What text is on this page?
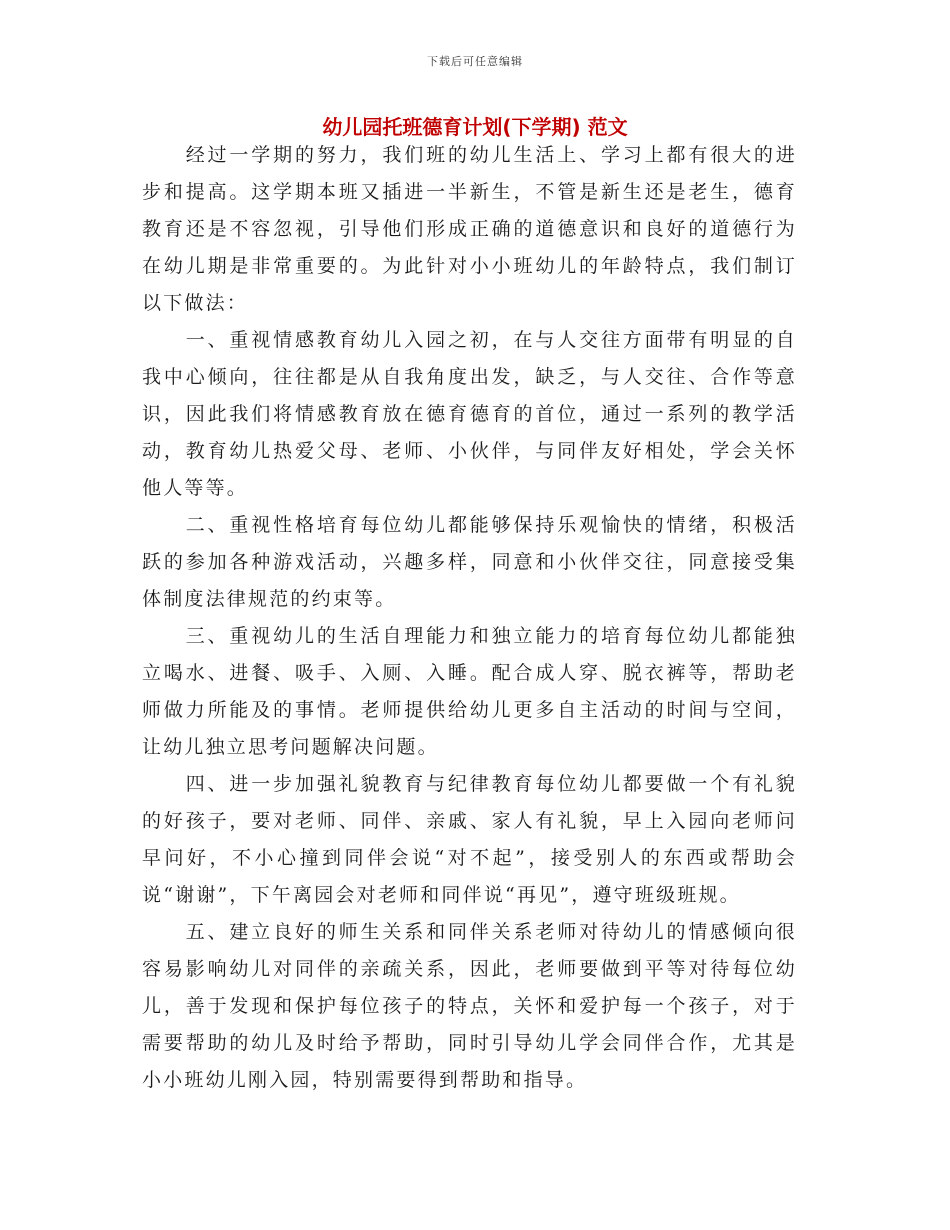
下载后可任意编辑
幼儿园托班德育计划(下学期) 范文

经过一学期的努力，我们班的幼儿生活上、学习上都有很大的进步和提高。这学期本班又插进一半新生，不管是新生还是老生，德育教育还是不容忽视，引导他们形成正确的道德意识和良好的道德行为在幼儿期是非常重要的。为此针对小小班幼儿的年龄特点，我们制订以下做法：

一、重视情感教育幼儿入园之初，在与人交往方面带有明显的自我中心倾向，往往都是从自我角度出发，缺乏，与人交往、合作等意识，因此我们将情感教育放在德育德育的首位，通过一系列的教学活动，教育幼儿热爱父母、老师、小伙伴，与同伴友好相处，学会关怀他人等等。

二、重视性格培育每位幼儿都能够保持乐观愉快的情绪，积极活跃的参加各种游戏活动，兴趣多样，同意和小伙伴交往，同意接受集体制度法律规范的约束等。

三、重视幼儿的生活自理能力和独立能力的培育每位幼儿都能独立喝水、进餐、吸手、入厕、入睡。配合成人穿、脱衣裤等，帮助老师做力所能及的事情。老师提供给幼儿更多自主活动的时间与空间，让幼儿独立思考问题解决问题。

四、进一步加强礼貌教育与纪律教育每位幼儿都要做一个有礼貌的好孩子，要对老师、同伴、亲戚、家人有礼貌，早上入园向老师问早问好，不小心撞到同伴会说“对不起”，接受别人的东西或帮助会说“谢谢”，下午离园会对老师和同伴说“再见”，遵守班级班规。

五、建立良好的师生关系和同伴关系老师对待幼儿的情感倾向很容易影响幼儿对同伴的亲疏关系，因此，老师要做到平等对待每位幼儿，善于发现和保护每位孩子的特点，关怀和爱护每一个孩子，对于需要帮助的幼儿及时给予帮助，同时引导幼儿学会同伴合作，尤其是小小班幼儿刚入园，特别需要得到帮助和指导。
